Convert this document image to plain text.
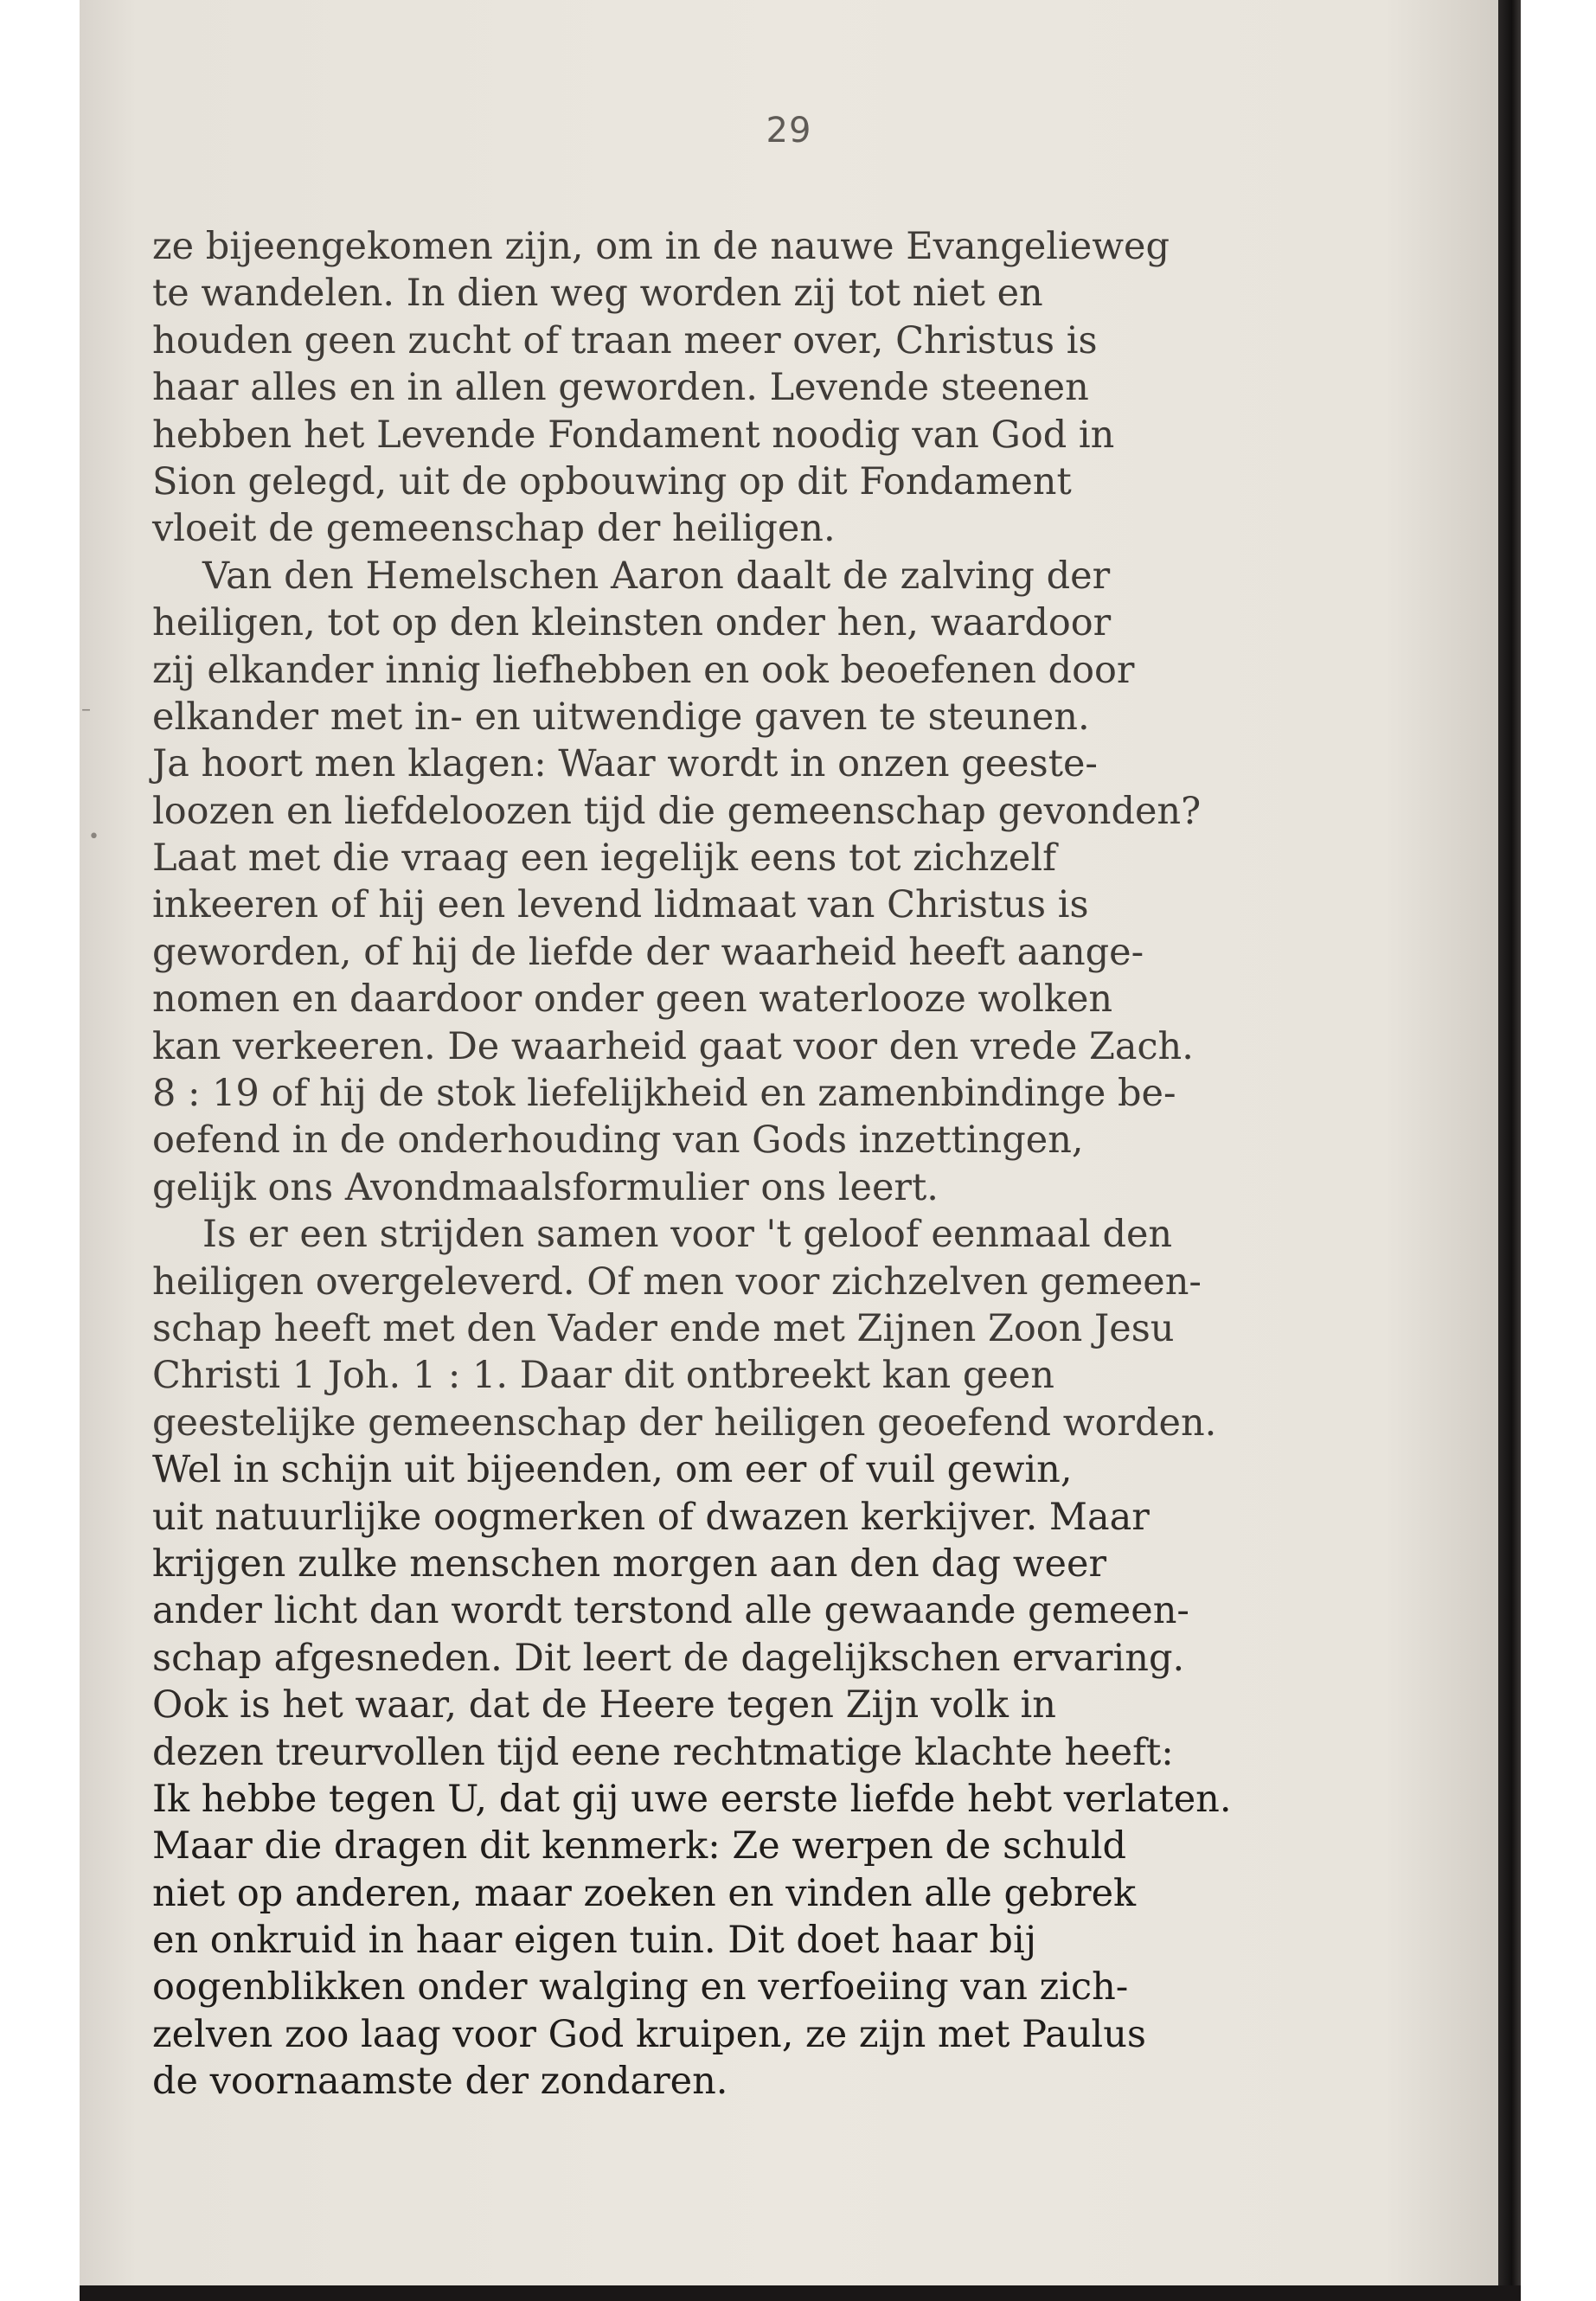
29
–
•
ze bijeengekomen zijn, om in de nauwe Evangelieweg
te wandelen. In dien weg worden zij tot niet en
houden geen zucht of traan meer over, Christus is
haar alles en in allen geworden. Levende steenen
hebben het Levende Fondament noodig van God in
Sion gelegd, uit de opbouwing op dit Fondament
vloeit de gemeenschap der heiligen.
Van den Hemelschen Aaron daalt de zalving der
heiligen, tot op den kleinsten onder hen, waardoor
zij elkander innig liefhebben en ook beoefenen door
elkander met in- en uitwendige gaven te steunen.
Ja hoort men klagen: Waar wordt in onzen geeste-
loozen en liefdeloozen tijd die gemeenschap gevonden?
Laat met die vraag een iegelijk eens tot zichzelf
inkeeren of hij een levend lidmaat van Christus is
geworden, of hij de liefde der waarheid heeft aange-
nomen en daardoor onder geen waterlooze wolken
kan verkeeren. De waarheid gaat voor den vrede Zach.
8 : 19 of hij de stok liefelijkheid en zamenbindinge be-
oefend in de onderhouding van Gods inzettingen,
gelijk ons Avondmaalsformulier ons leert.
Is er een strijden samen voor 't geloof eenmaal den
heiligen overgeleverd. Of men voor zichzelven gemeen-
schap heeft met den Vader ende met Zijnen Zoon Jesu
Christi 1 Joh. 1 : 1. Daar dit ontbreekt kan geen
geestelijke gemeenschap der heiligen geoefend worden.
Wel in schijn uit bijeenden, om eer of vuil gewin,
uit natuurlijke oogmerken of dwazen kerkijver. Maar
krijgen zulke menschen morgen aan den dag weer
ander licht dan wordt terstond alle gewaande gemeen-
schap afgesneden. Dit leert de dagelijkschen ervaring.
Ook is het waar, dat de Heere tegen Zijn volk in
dezen treurvollen tijd eene rechtmatige klachte heeft:
Ik hebbe tegen U, dat gij uwe eerste liefde hebt verlaten.
Maar die dragen dit kenmerk: Ze werpen de schuld
niet op anderen, maar zoeken en vinden alle gebrek
en onkruid in haar eigen tuin. Dit doet haar bij
oogenblikken onder walging en verfoeiing van zich-
zelven zoo laag voor God kruipen, ze zijn met Paulus
de voornaamste der zondaren.
